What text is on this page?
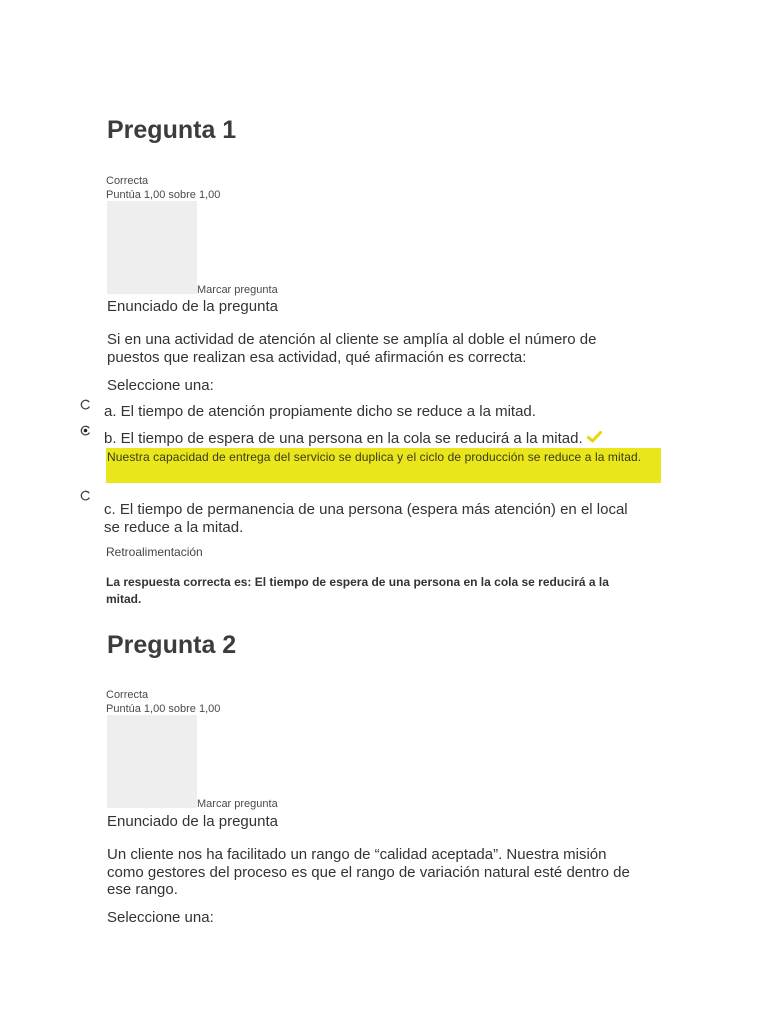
Pregunta 1
Correcta
Puntúa 1,00 sobre 1,00
Marcar pregunta
Enunciado de la pregunta
Si en una actividad de atención al cliente se amplía al doble el número de puestos que realizan esa actividad, qué afirmación es correcta:
Seleccione una:
a. El tiempo de atención propiamente dicho se reduce a la mitad.
b. El tiempo de espera de una persona en la cola se reducirá a la mitad.
Nuestra capacidad de entrega del servicio se duplica y el ciclo de producción se reduce a la mitad.
c. El tiempo de permanencia de una persona (espera más atención) en el local se reduce a la mitad.
Retroalimentación
La respuesta correcta es: El tiempo de espera de una persona en la cola se reducirá a la mitad.
Pregunta 2
Correcta
Puntúa 1,00 sobre 1,00
Marcar pregunta
Enunciado de la pregunta
Un cliente nos ha facilitado un rango de “calidad aceptada”. Nuestra misión como gestores del proceso es que el rango de variación natural esté dentro de ese rango.
Seleccione una:
